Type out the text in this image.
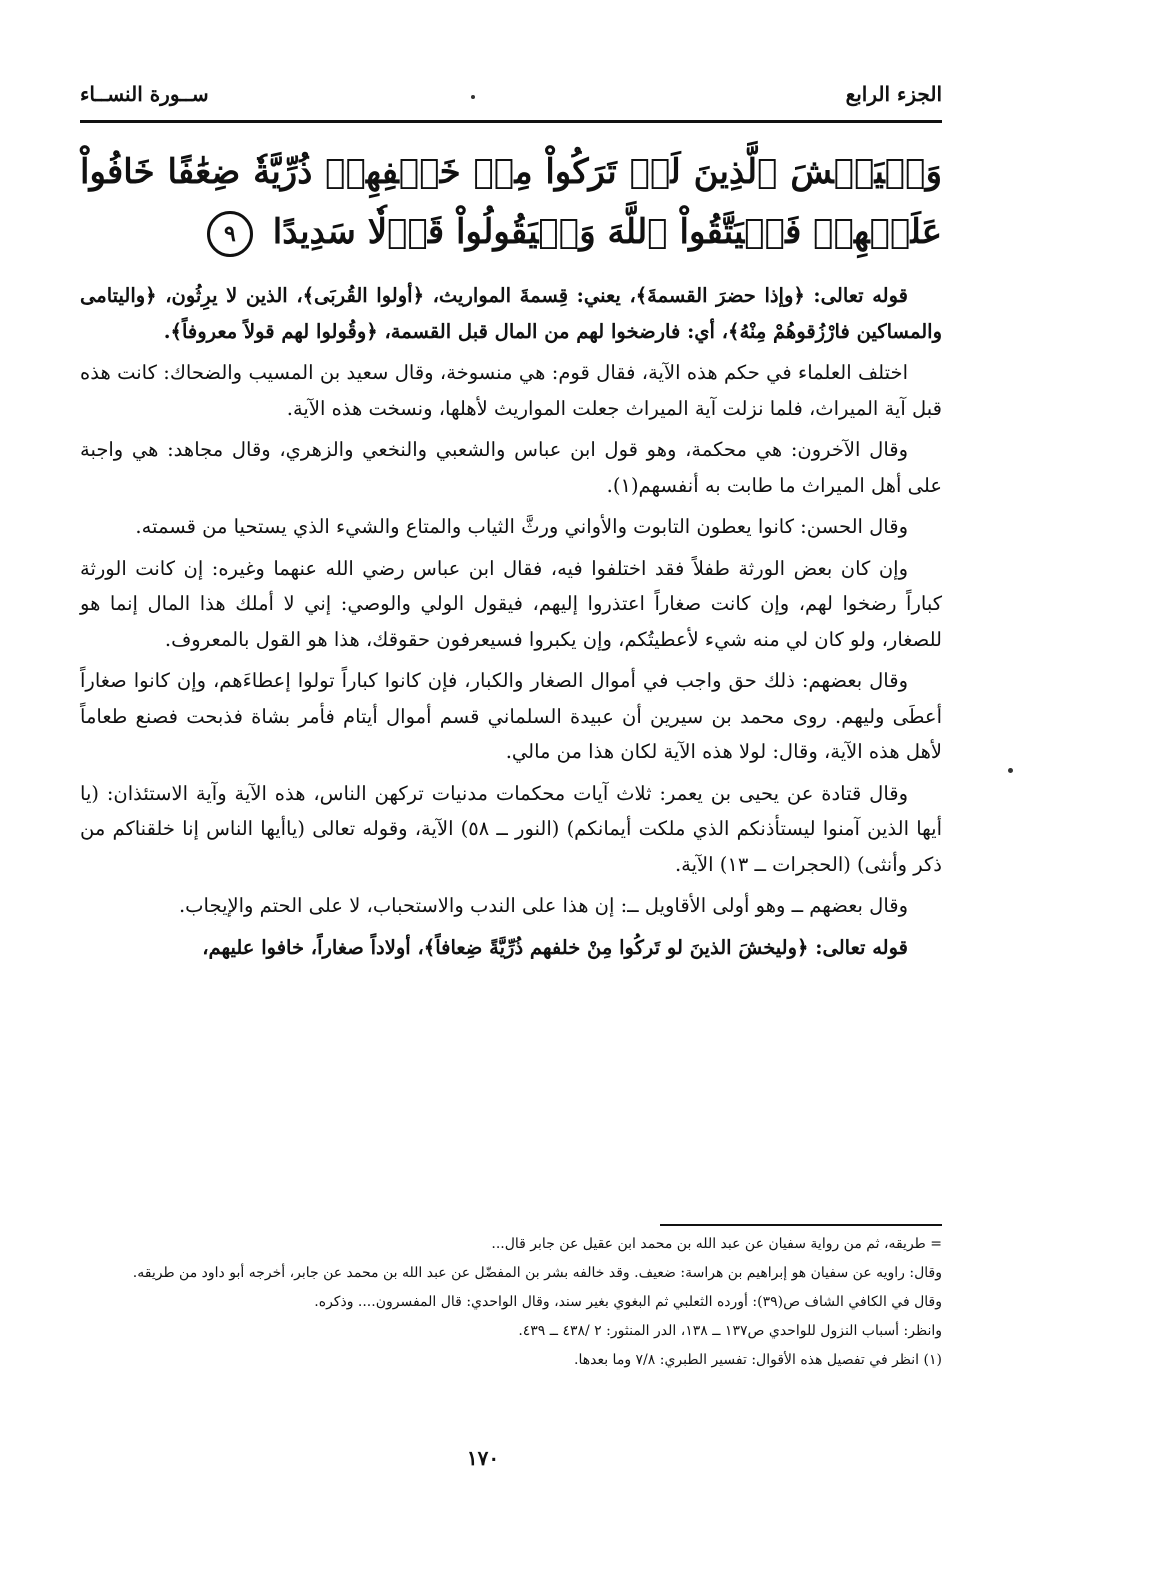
الجزء الرابع
ســورة النســاء
وَلۡيَخۡشَ ٱلَّذِينَ لَوۡ تَرَكُواْ مِنۡ خَلۡفِهِمۡ ذُرِّيَّةٗ ضِعَٰفًا خَافُواْ عَلَيۡهِمۡ فَلۡيَتَّقُواْ ٱللَّهَ وَلۡيَقُولُواْ قَوۡلٗا سَدِيدًا ٩

قوله تعالى: ﴿وإذا حضرَ القسمةَ﴾، يعني: قِسمةَ المواريث، ﴿أولوا القُربَى﴾، الذين لا يرِثُون، ﴿واليتامى والمساكين فارْزُقوهُمْ مِنْهُ﴾، أي: فارضخوا لهم من المال قبل القسمة، ﴿وقُولوا لهم قولاً معروفاً﴾.

اختلف العلماء في حكم هذه الآية، فقال قوم: هي منسوخة، وقال سعيد بن المسيب والضحاك: كانت هذه قبل آية الميراث، فلما نزلت آية الميراث جعلت المواريث لأهلها، ونسخت هذه الآية.

وقال الآخرون: هي محكمة، وهو قول ابن عباس والشعبي والنخعي والزهري، وقال مجاهد: هي واجبة على أهل الميراث ما طابت به أنفسهم(١).

وقال الحسن: كانوا يعطون التابوت والأواني ورثَّ الثياب والمتاع والشيء الذي يستحيا من قسمته.

وإن كان بعض الورثة طفلاً فقد اختلفوا فيه، فقال ابن عباس رضي الله عنهما وغيره: إن كانت الورثة كباراً رضخوا لهم، وإن كانت صغاراً اعتذروا إليهم، فيقول الولي والوصي: إني لا أملك هذا المال إنما هو للصغار، ولو كان لي منه شيء لأعطيتُكم، وإن يكبروا فسيعرفون حقوقك، هذا هو القول بالمعروف.

وقال بعضهم: ذلك حق واجب في أموال الصغار والكبار، فإن كانوا كباراً تولوا إعطاءَهم، وإن كانوا صغاراً أعطَى وليهم. روى محمد بن سيرين أن عبيدة السلماني قسم أموال أيتام فأمر بشاة فذبحت فصنع طعاماً لأهل هذه الآية، وقال: لولا هذه الآية لكان هذا من مالي.

وقال قتادة عن يحيى بن يعمر: ثلاث آيات محكمات مدنيات تركهن الناس، هذه الآية وآية الاستئذان: (يا أيها الذين آمنوا ليستأذنكم الذي ملكت أيمانكم) (النور ــ ٥٨) الآية، وقوله تعالى (ياأيها الناس إنا خلقناكم من ذكر وأنثى) (الحجرات ــ ١٣) الآية.

وقال بعضهم ــ وهو أولى الأقاويل ــ: إن هذا على الندب والاستحباب، لا على الحتم والإيجاب.

قوله تعالى: ﴿وليخشَ الذينَ لو تَركُوا مِنْ خلفهم ذُرِّيَّةً ضِعافاً﴾، أولاداً صغاراً، خافوا عليهم،

= طريقه، ثم من رواية سفيان عن عبد الله بن محمد ابن عقيل عن جابر قال...

وقال: راويه عن سفيان هو إبراهيم بن هراسة: ضعيف. وقد خالفه بشر بن المفضّل عن عبد الله بن محمد عن جابر، أخرجه أبو داود من طريقه.

وقال في الكافي الشاف ص(٣٩): أورده الثعلبي ثم البغوي بغير سند، وقال الواحدي: قال المفسرون.... وذكره.

وانظر: أسباب النزول للواحدي ص١٣٧ ــ ١٣٨، الدر المنثور: ٢ /٤٣٨ ــ ٤٣٩.

(١) انظر في تفصيل هذه الأقوال: تفسير الطبري: ٧/٨ وما بعدها.

١٧٠
